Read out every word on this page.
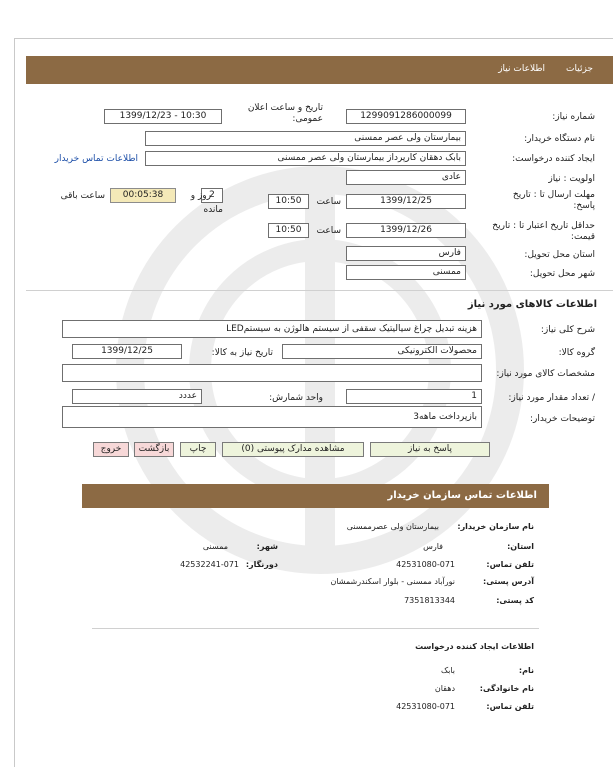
جزئیات
اطلاعات نیاز
شماره نیاز:
1299091286000099
تاریخ و ساعت اعلان
عمومی:
1399/12/23 - 10:30
نام دستگاه خریدار:
بیمارستان ولی عصر ممسنی
ایجاد کننده درخواست:
بابک دهقان کارپرداز بیمارستان ولی عصر ممسنی
اطلاعات تماس خریدار
اولویت : نیاز
عادی
مهلت ارسال تا : تاریخ
پاسخ:
1399/12/25
ساعت
10:50
2
روز و
مانده
00:05:38
ساعت باقی
حداقل تاریخ اعتبار تا : تاریخ
قیمت:
1399/12/26
ساعت
10:50
استان محل تحویل:
فارس
شهر محل تحویل:
ممسنی
اطلاعات کالاهای مورد نیاز
شرح کلی نیاز:
هزینه تبدیل چراغ سیالیتیک سقفی از سیستم هالوژن به سیستمLED
گروه کالا:
محصولات الکترونیکی
تاریخ نیاز به کالا:
1399/12/25
مشخصات کالای مورد نیاز:
/ تعداد مقدار مورد نیاز:
1
واحد شمارش:
عددد
توضیحات خریدار:
بازپرداخت ماهه3
پاسخ به نیاز
مشاهده مدارک پیوستی (0)
چاپ
بازگشت
خروج
اطلاعات تماس سازمان خریدار
نام سازمان خریدار:
بیمارستان ولی عصرممسنی
استان:
فارس
شهر:
ممسنی
تلفن تماس:
42531080-071
دورنگار:
42532241-071
آدرس پستی:
نورآباد ممسنی - بلوار اسکندرشمشان
کد پستی:
7351813344
اطلاعات ایجاد کننده درخواست
نام:
بابک
نام خانوادگی:
دهقان
تلفن تماس:
42531080-071
